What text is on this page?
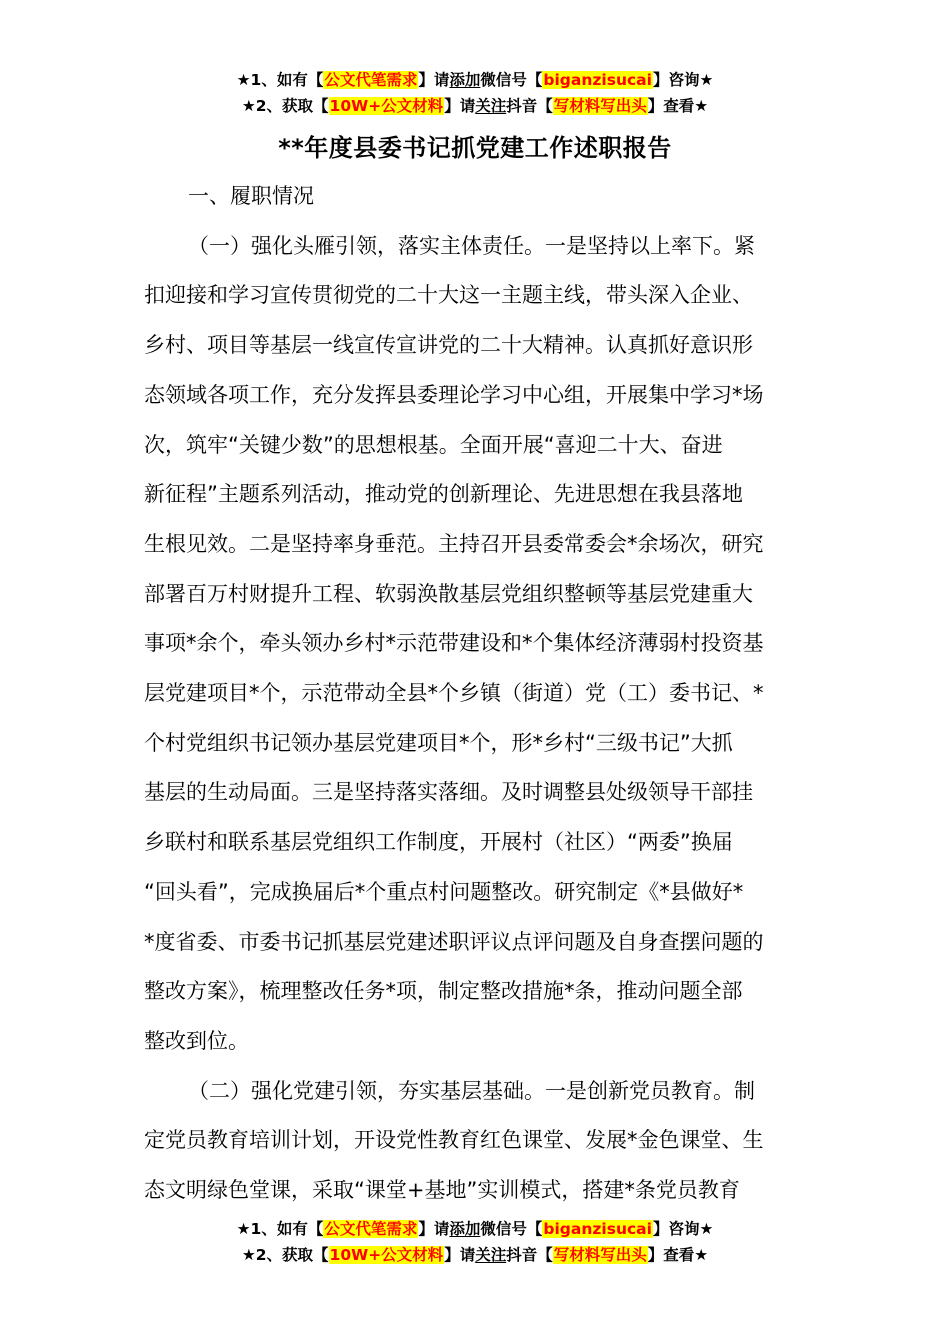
★1、如有【公文代笔需求】请添加微信号【biganzisucai】咨询★
★2、获取【10W+公文材料】请关注抖音【写材料写出头】查看★
**年度县委书记抓党建工作述职报告

一、履职情况

（一）强化头雁引领，落实主体责任。一是坚持以上率下。紧
扣迎接和学习宣传贯彻党的二十大这一主题主线，带头深入企业、
乡村、项目等基层一线宣传宣讲党的二十大精神。认真抓好意识形
态领域各项工作，充分发挥县委理论学习中心组，开展集中学习*场
次，筑牢“关键少数”的思想根基。全面开展“喜迎二十大、奋进
新征程”主题系列活动，推动党的创新理论、先进思想在我县落地
生根见效。二是坚持率身垂范。主持召开县委常委会*余场次，研究
部署百万村财提升工程、软弱涣散基层党组织整顿等基层党建重大
事项*余个，牵头领办乡村*示范带建设和*个集体经济薄弱村投资基
层党建项目*个，示范带动全县*个乡镇（街道）党（工）委书记、*
个村党组织书记领办基层党建项目*个，形*乡村“三级书记”大抓
基层的生动局面。三是坚持落实落细。及时调整县处级领导干部挂
乡联村和联系基层党组织工作制度，开展村（社区）“两委”换届
“回头看”，完成换届后*个重点村问题整改。研究制定《*县做好*
*度省委、市委书记抓基层党建述职评议点评问题及自身查摆问题的
整改方案》，梳理整改任务*项，制定整改措施*条，推动问题全部
整改到位。

（二）强化党建引领，夯实基层基础。一是创新党员教育。制
定党员教育培训计划，开设党性教育红色课堂、发展*金色课堂、生
态文明绿色堂课，采取“课堂+基地”实训模式，搭建*条党员教育

★1、如有【公文代笔需求】请添加微信号【biganzisucai】咨询★
★2、获取【10W+公文材料】请关注抖音【写材料写出头】查看★
